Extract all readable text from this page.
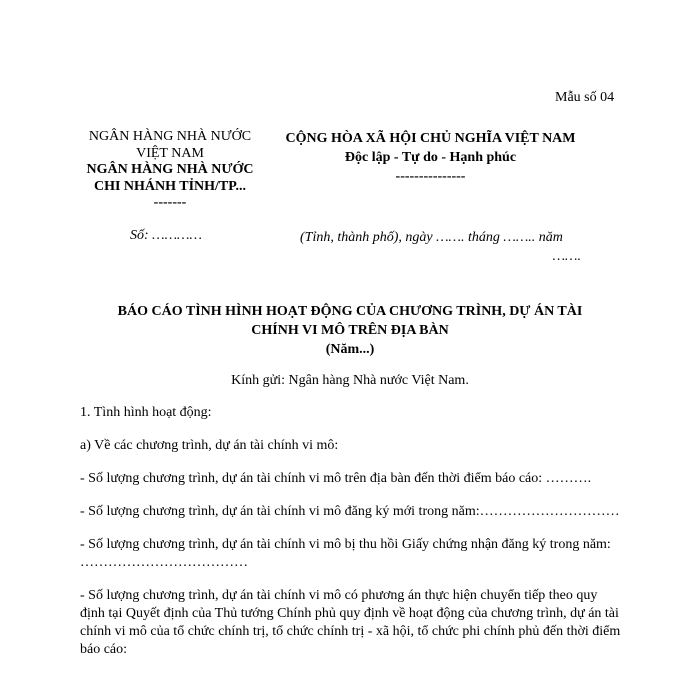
Mẫu số 04
NGÂN HÀNG NHÀ NƯỚC
VIỆT NAM
NGÂN HÀNG NHÀ NƯỚC
CHI NHÁNH TỈNH/TP...
-------
CỘNG HÒA XÃ HỘI CHỦ NGHĨA VIỆT NAM
Độc lập - Tự do - Hạnh phúc
---------------
Số: …………	(Tỉnh, thành phố), ngày ……. tháng …….. năm
…….
BÁO CÁO TÌNH HÌNH HOẠT ĐỘNG CỦA CHƯƠNG TRÌNH, DỰ ÁN TÀI
CHÍNH VI MÔ TRÊN ĐỊA BÀN
(Năm...)
Kính gửi: Ngân hàng Nhà nước Việt Nam.

1. Tình hình hoạt động:

a) Về các chương trình, dự án tài chính vi mô:

- Số lượng chương trình, dự án tài chính vi mô trên địa bàn đến thời điểm báo cáo: ……….

- Số lượng chương trình, dự án tài chính vi mô đăng ký mới trong năm:…………………………

- Số lượng chương trình, dự án tài chính vi mô bị thu hồi Giấy chứng nhận đăng ký trong năm: ………………………………

- Số lượng chương trình, dự án tài chính vi mô có phương án thực hiện chuyển tiếp theo quy định tại Quyết định của Thủ tướng Chính phủ quy định về hoạt động của chương trình, dự án tài chính vi mô của tổ chức chính trị, tổ chức chính trị - xã hội, tổ chức phi chính phủ đến thời điểm báo cáo:
